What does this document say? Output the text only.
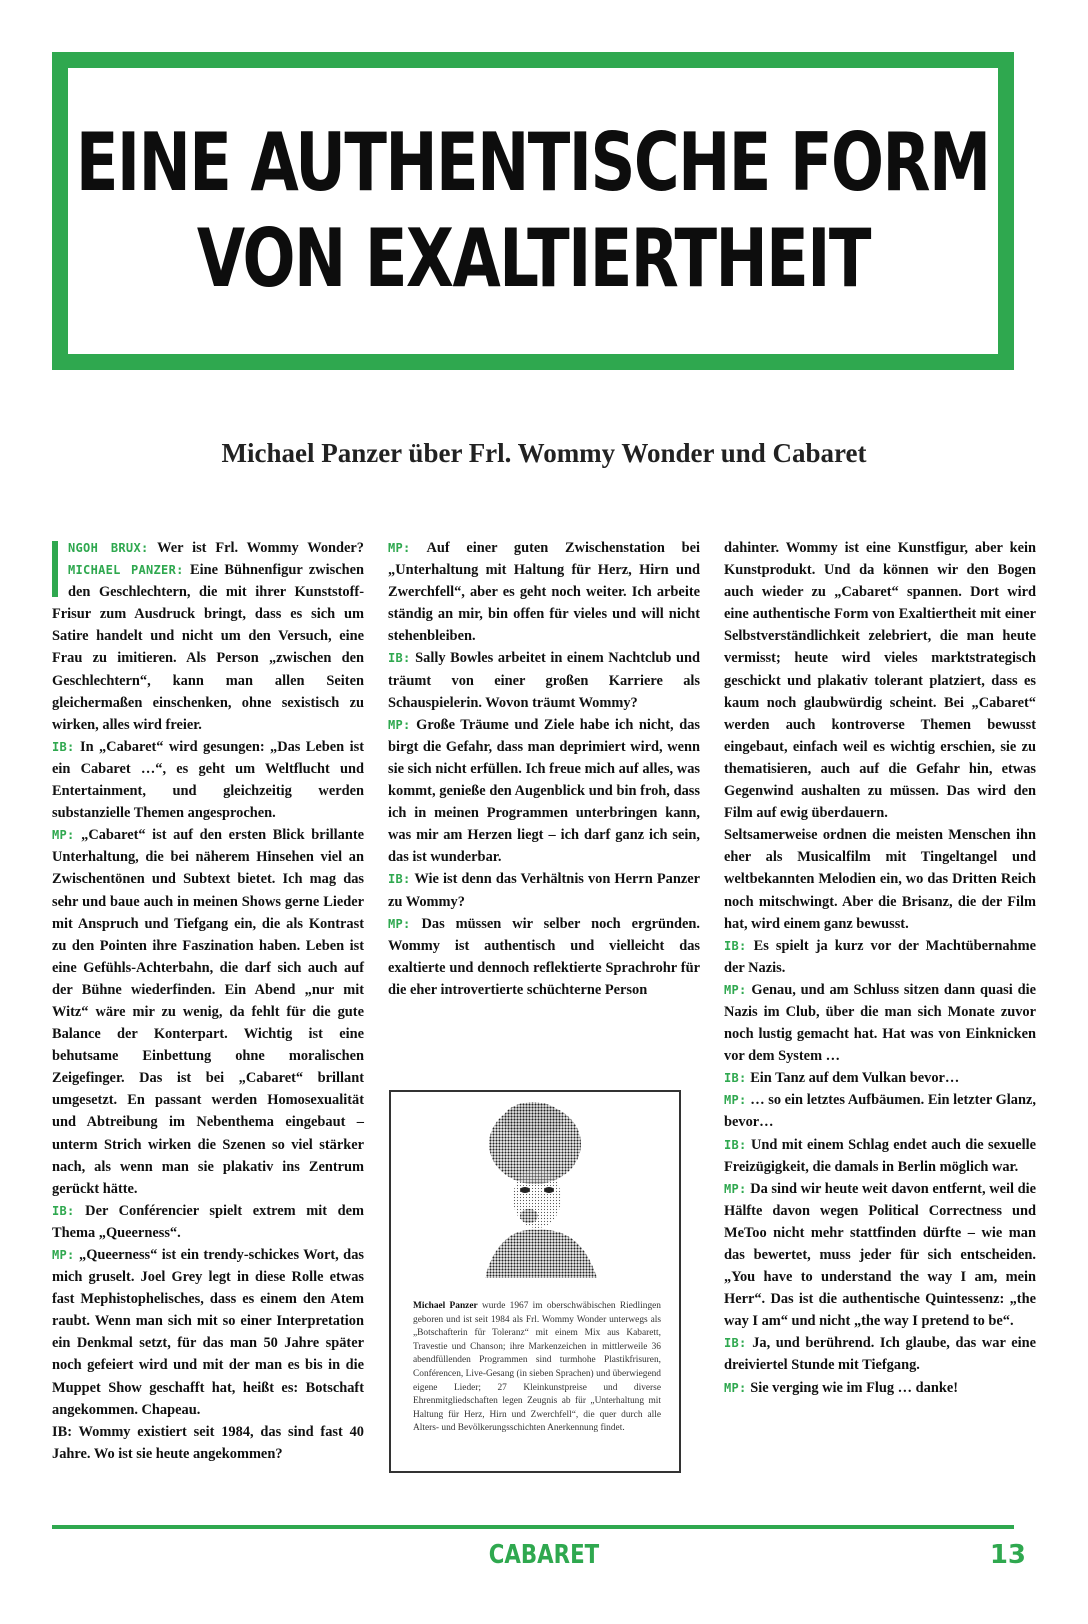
EINE AUTHENTISCHE FORM
VON EXALTIERTHEIT
Michael Panzer über Frl. Wommy Wonder und Cabaret

NGOH BRUX: Wer ist Frl. Wommy Wonder? MICHAEL PANZER: Eine Bühnenfigur zwischen den Geschlechtern, die mit ihrer Kunststoff-Frisur zum Ausdruck bringt, dass es sich um Satire handelt und nicht um den Versuch, eine Frau zu imitieren. Als Person „zwischen den Geschlechtern“, kann man allen Seiten gleichermaßen einschenken, ohne sexistisch zu wirken, alles wird freier.

IB: In „Cabaret“ wird gesungen: „Das Leben ist ein Cabaret …“, es geht um Weltflucht und Entertainment, und gleichzeitig werden substanzielle Themen angesprochen.

MP: „Cabaret“ ist auf den ersten Blick brillante Unterhaltung, die bei näherem Hinsehen viel an Zwischentönen und Subtext bietet. Ich mag das sehr und baue auch in meinen Shows gerne Lieder mit Anspruch und Tiefgang ein, die als Kontrast zu den Pointen ihre Faszination haben. Leben ist eine Gefühls-Achterbahn, die darf sich auch auf der Bühne wiederfinden. Ein Abend „nur mit Witz“ wäre mir zu wenig, da fehlt für die gute Balance der Konterpart. Wichtig ist eine behutsame Einbettung ohne moralischen Zeigefinger. Das ist bei „Cabaret“ brillant umgesetzt. En passant werden Homosexualität und Abtreibung im Nebenthema eingebaut – unterm Strich wirken die Szenen so viel stärker nach, als wenn man sie plakativ ins Zentrum gerückt hätte.

IB: Der Conférencier spielt extrem mit dem Thema „Queerness“.

MP: „Queerness“ ist ein trendy-schickes Wort, das mich gruselt. Joel Grey legt in diese Rolle etwas fast Mephistophelisches, dass es einem den Atem raubt. Wenn man sich mit so einer Interpretation ein Denkmal setzt, für das man 50 Jahre später noch gefeiert wird und mit der man es bis in die Muppet Show geschafft hat, heißt es: Botschaft angekommen. Chapeau.

IB: Wommy existiert seit 1984, das sind fast 40 Jahre. Wo ist sie heute angekommen?

MP: Auf einer guten Zwischenstation bei „Unterhaltung mit Haltung für Herz, Hirn und Zwerchfell“, aber es geht noch weiter. Ich arbeite ständig an mir, bin offen für vieles und will nicht stehenbleiben.

IB: Sally Bowles arbeitet in einem Nachtclub und träumt von einer großen Karriere als Schauspielerin. Wovon träumt Wommy?

MP: Große Träume und Ziele habe ich nicht, das birgt die Gefahr, dass man deprimiert wird, wenn sie sich nicht erfüllen. Ich freue mich auf alles, was kommt, genieße den Augenblick und bin froh, dass ich in meinen Programmen unterbringen kann, was mir am Herzen liegt – ich darf ganz ich sein, das ist wunderbar.

IB: Wie ist denn das Verhältnis von Herrn Panzer zu Wommy?

MP: Das müssen wir selber noch ergründen. Wommy ist authentisch und vielleicht das exaltierte und dennoch reflektierte Sprachrohr für die eher introvertierte schüchterne Person

Michael Panzer wurde 1967 im oberschwäbischen Riedlingen geboren und ist seit 1984 als Frl. Wommy Wonder unterwegs als „Botschafterin für Toleranz“ mit einem Mix aus Kabarett, Travestie und Chanson; ihre Markenzeichen in mittlerweile 36 abendfüllenden Programmen sind turmhohe Plastikfrisuren, Conférencen, Live-Gesang (in sieben Sprachen) und überwiegend eigene Lieder; 27 Kleinkunstpreise und diverse Ehrenmitgliedschaften legen Zeugnis ab für „Unterhaltung mit Haltung für Herz, Hirn und Zwerchfell“, die quer durch alle Alters- und Bevölkerungsschichten Anerkennung findet.

dahinter. Wommy ist eine Kunstfigur, aber kein Kunstprodukt. Und da können wir den Bogen auch wieder zu „Cabaret“ spannen. Dort wird eine authentische Form von Exaltiertheit mit einer Selbstverständlichkeit zelebriert, die man heute vermisst; heute wird vieles marktstrategisch geschickt und plakativ tolerant platziert, dass es kaum noch glaubwürdig scheint. Bei „Cabaret“ werden auch kontroverse Themen bewusst eingebaut, einfach weil es wichtig erschien, sie zu thematisieren, auch auf die Gefahr hin, etwas Gegenwind aushalten zu müssen. Das wird den Film auf ewig überdauern.

Seltsamerweise ordnen die meisten Menschen ihn eher als Musicalfilm mit Tingeltangel und weltbekannten Melodien ein, wo das Dritten Reich noch mitschwingt. Aber die Brisanz, die der Film hat, wird einem ganz bewusst.

IB: Es spielt ja kurz vor der Machtübernahme der Nazis.

MP: Genau, und am Schluss sitzen dann quasi die Nazis im Club, über die man sich Monate zuvor noch lustig gemacht hat. Hat was von Einknicken vor dem System …

IB: Ein Tanz auf dem Vulkan bevor…

MP: … so ein letztes Aufbäumen. Ein letzter Glanz, bevor…

IB: Und mit einem Schlag endet auch die sexuelle Freizügigkeit, die damals in Berlin möglich war.

MP: Da sind wir heute weit davon entfernt, weil die Hälfte davon wegen Political Correctness und MeToo nicht mehr stattfinden dürfte – wie man das bewertet, muss jeder für sich entscheiden. „You have to understand the way I am, mein Herr“. Das ist die authentische Quintessenz: „the way I am“ und nicht „the way I pretend to be“.

IB: Ja, und berührend. Ich glaube, das war eine dreiviertel Stunde mit Tiefgang.

MP: Sie verging wie im Flug … danke!

CABARET	13
